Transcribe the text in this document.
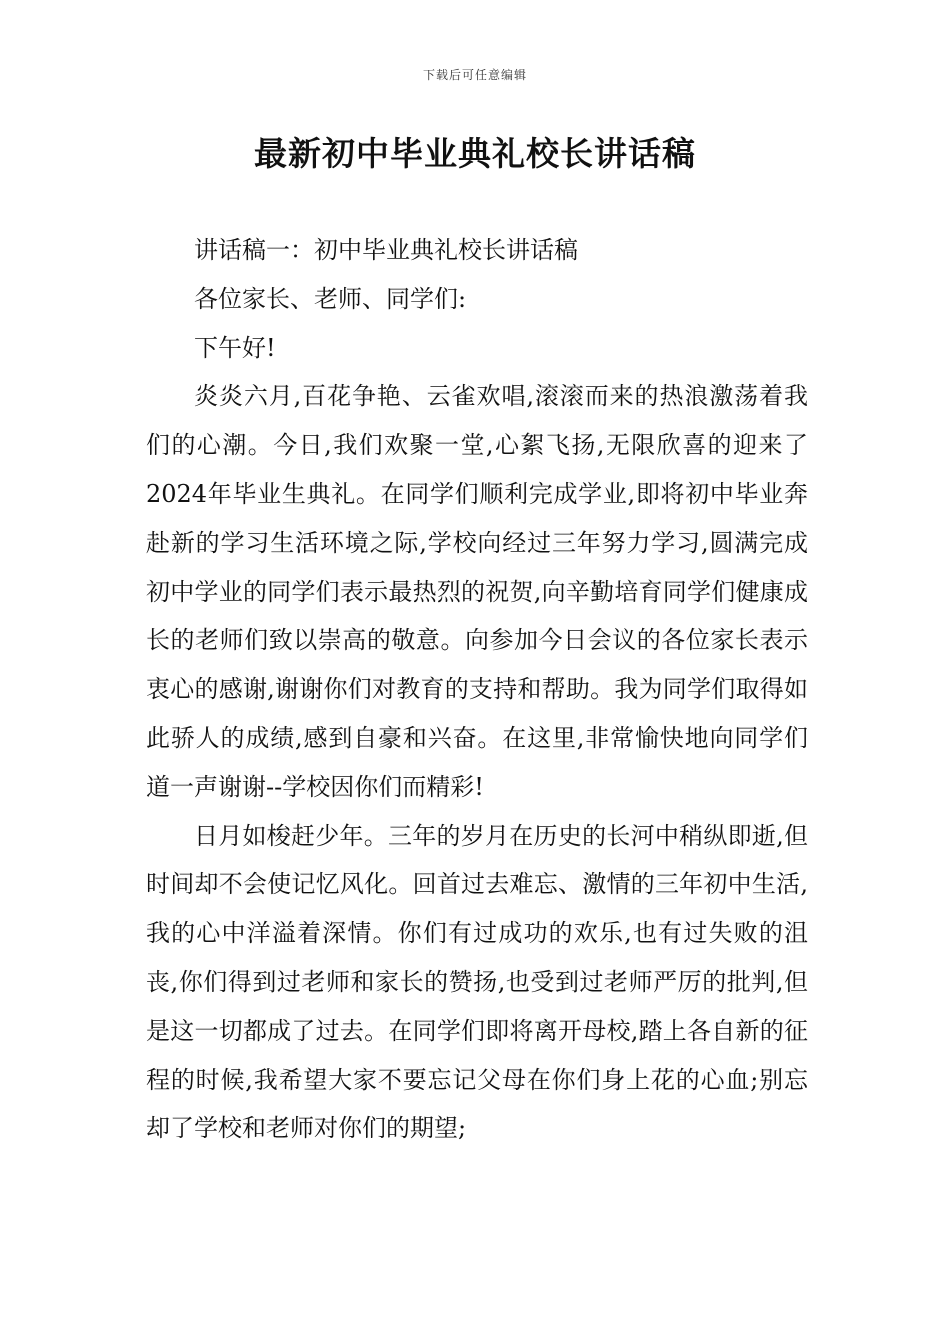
下载后可任意编辑
最新初中毕业典礼校长讲话稿

讲话稿一：初中毕业典礼校长讲话稿

各位家长、老师、同学们:

下午好!

炎炎六月,百花争艳、云雀欢唱,滚滚而来的热浪激荡着我们的心潮。今日,我们欢聚一堂,心絮飞扬,无限欣喜的迎来了2024年毕业生典礼。在同学们顺利完成学业,即将初中毕业奔赴新的学习生活环境之际,学校向经过三年努力学习,圆满完成初中学业的同学们表示最热烈的祝贺,向辛勤培育同学们健康成长的老师们致以崇高的敬意。向参加今日会议的各位家长表示衷心的感谢,谢谢你们对教育的支持和帮助。我为同学们取得如此骄人的成绩,感到自豪和兴奋。在这里,非常愉快地向同学们道一声谢谢--学校因你们而精彩!

日月如梭赶少年。三年的岁月在历史的长河中稍纵即逝,但时间却不会使记忆风化。回首过去难忘、激情的三年初中生活,我的心中洋溢着深情。你们有过成功的欢乐,也有过失败的沮丧,你们得到过老师和家长的赞扬,也受到过老师严厉的批判,但是这一切都成了过去。在同学们即将离开母校,踏上各自新的征程的时候,我希望大家不要忘记父母在你们身上花的心血;别忘却了学校和老师对你们的期望;
